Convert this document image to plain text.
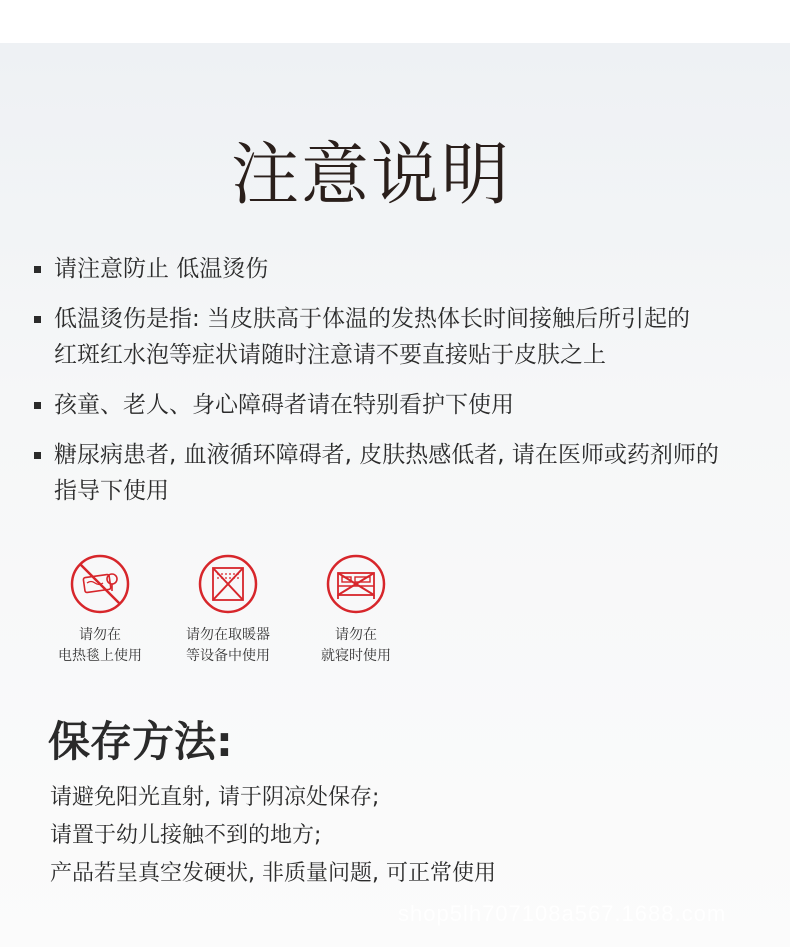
注意说明
请注意防止 低温烫伤
低温烫伤是指: 当皮肤高于体温的发热体长时间接触后所引起的
红斑红水泡等症状请随时注意请不要直接贴于皮肤之上
孩童、老人、身心障碍者请在特别看护下使用
糖尿病患者, 血液循环障碍者, 皮肤热感低者, 请在医师或药剂师的
指导下使用
请勿在
电热毯上使用
请勿在取暖器
等设备中使用
请勿在
就寝时使用
保存方法:
请避免阳光直射, 请于阴凉处保存;
请置于幼儿接触不到的地方;
产品若呈真空发硬状, 非质量问题, 可正常使用
shop5lh707108a567.1688.com
